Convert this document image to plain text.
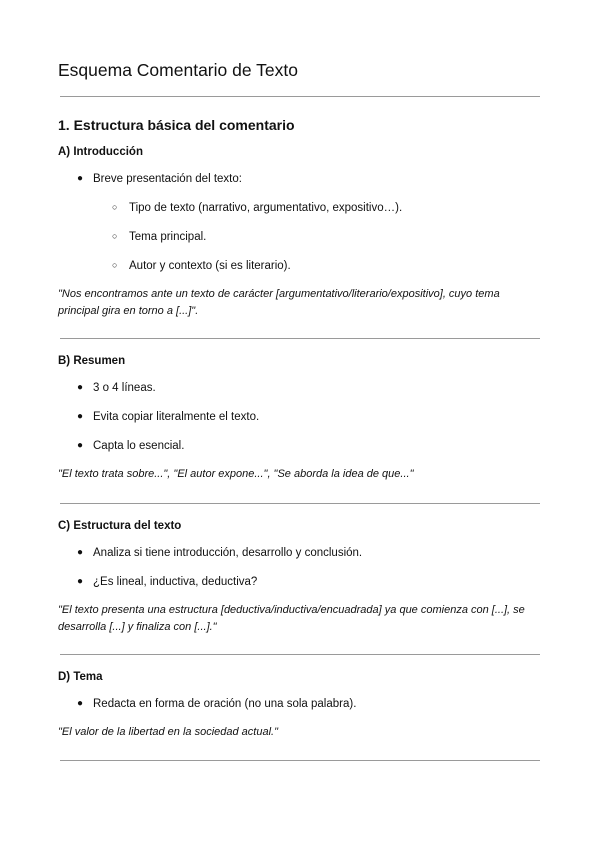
Esquema Comentario de Texto
1. Estructura básica del comentario
A) Introducción
● Breve presentación del texto:
○ Tipo de texto (narrativo, argumentativo, expositivo…).
○ Tema principal.
○ Autor y contexto (si es literario).
"Nos encontramos ante un texto de carácter [argumentativo/literario/expositivo], cuyo tema principal gira en torno a [...]".
B) Resumen
● 3 o 4 líneas.
● Evita copiar literalmente el texto.
● Capta lo esencial.
"El texto trata sobre...", "El autor expone...", "Se aborda la idea de que..."
C) Estructura del texto
● Analiza si tiene introducción, desarrollo y conclusión.
● ¿Es lineal, inductiva, deductiva?
"El texto presenta una estructura [deductiva/inductiva/encuadrada] ya que comienza con [...], se desarrolla [...] y finaliza con [...]."
D) Tema
● Redacta en forma de oración (no una sola palabra).
"El valor de la libertad en la sociedad actual."
